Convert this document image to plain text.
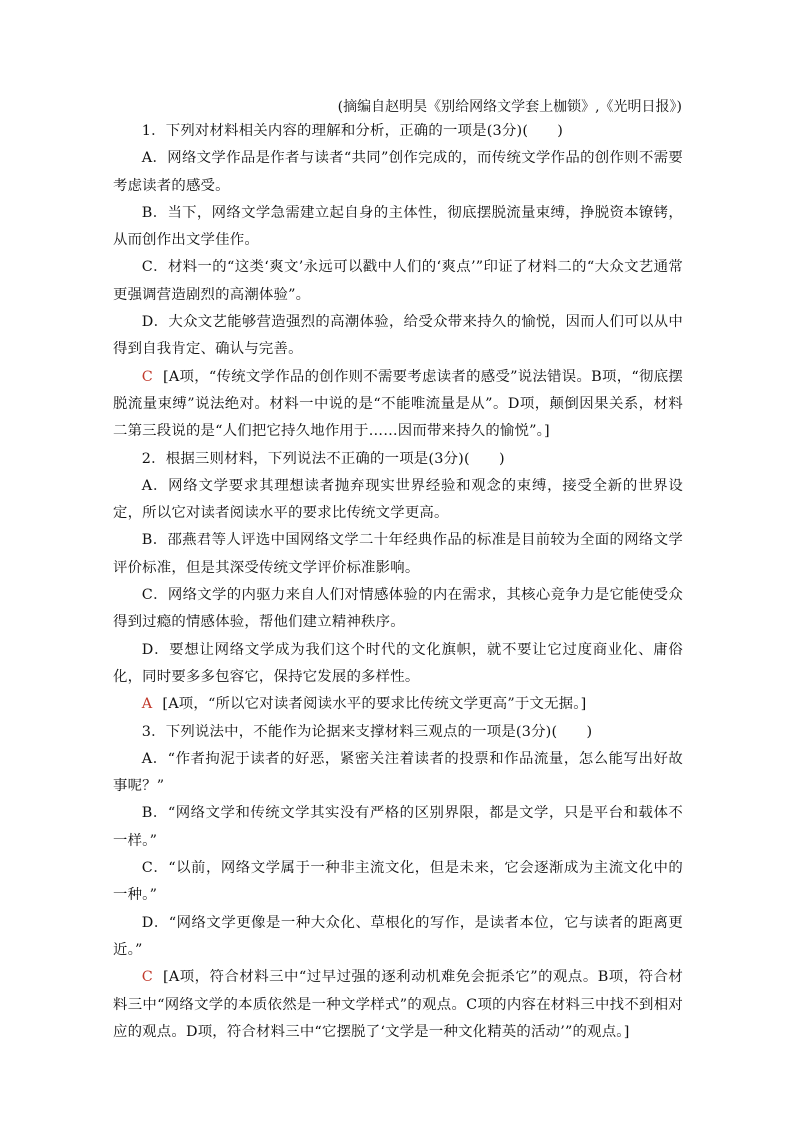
(摘编自赵明昊《别给网络文学套上枷锁》,《光明日报》)

1．下列对材料相关内容的理解和分析，正确的一项是(3分)(　　)

A．网络文学作品是作者与读者“共同”创作完成的，而传统文学作品的创作则不需要考虑读者的感受。

B．当下，网络文学急需建立起自身的主体性，彻底摆脱流量束缚，挣脱资本镣铐，从而创作出文学佳作。

C．材料一的“这类‘爽文’永远可以戳中人们的‘爽点’”印证了材料二的“大众文艺通常更强调营造剧烈的高潮体验”。

D．大众文艺能够营造强烈的高潮体验，给受众带来持久的愉悦，因而人们可以从中得到自我肯定、确认与完善。

C [A项，“传统文学作品的创作则不需要考虑读者的感受”说法错误。B项，“彻底摆脱流量束缚”说法绝对。材料一中说的是“不能唯流量是从”。D项，颠倒因果关系，材料二第三段说的是“人们把它持久地作用于……因而带来持久的愉悦”。]

2．根据三则材料，下列说法不正确的一项是(3分)(　　)

A．网络文学要求其理想读者抛弃现实世界经验和观念的束缚，接受全新的世界设定，所以它对读者阅读水平的要求比传统文学更高。

B．邵燕君等人评选中国网络文学二十年经典作品的标准是目前较为全面的网络文学评价标准，但是其深受传统文学评价标准影响。

C．网络文学的内驱力来自人们对情感体验的内在需求，其核心竞争力是它能使受众得到过瘾的情感体验，帮他们建立精神秩序。

D．要想让网络文学成为我们这个时代的文化旗帜，就不要让它过度商业化、庸俗化，同时要多多包容它，保持它发展的多样性。

A [A项，“所以它对读者阅读水平的要求比传统文学更高”于文无据。]

3．下列说法中，不能作为论据来支撑材料三观点的一项是(3分)(　　)

A．“作者拘泥于读者的好恶，紧密关注着读者的投票和作品流量，怎么能写出好故事呢？”

B．“网络文学和传统文学其实没有严格的区别界限，都是文学，只是平台和载体不一样。”

C．“以前，网络文学属于一种非主流文化，但是未来，它会逐渐成为主流文化中的一种。”

D．“网络文学更像是一种大众化、草根化的写作，是读者本位，它与读者的距离更近。”

C [A项，符合材料三中“过早过强的逐利动机难免会扼杀它”的观点。B项，符合材料三中“网络文学的本质依然是一种文学样式”的观点。C项的内容在材料三中找不到相对应的观点。D项，符合材料三中“它摆脱了‘文学是一种文化精英的活动’”的观点。]
